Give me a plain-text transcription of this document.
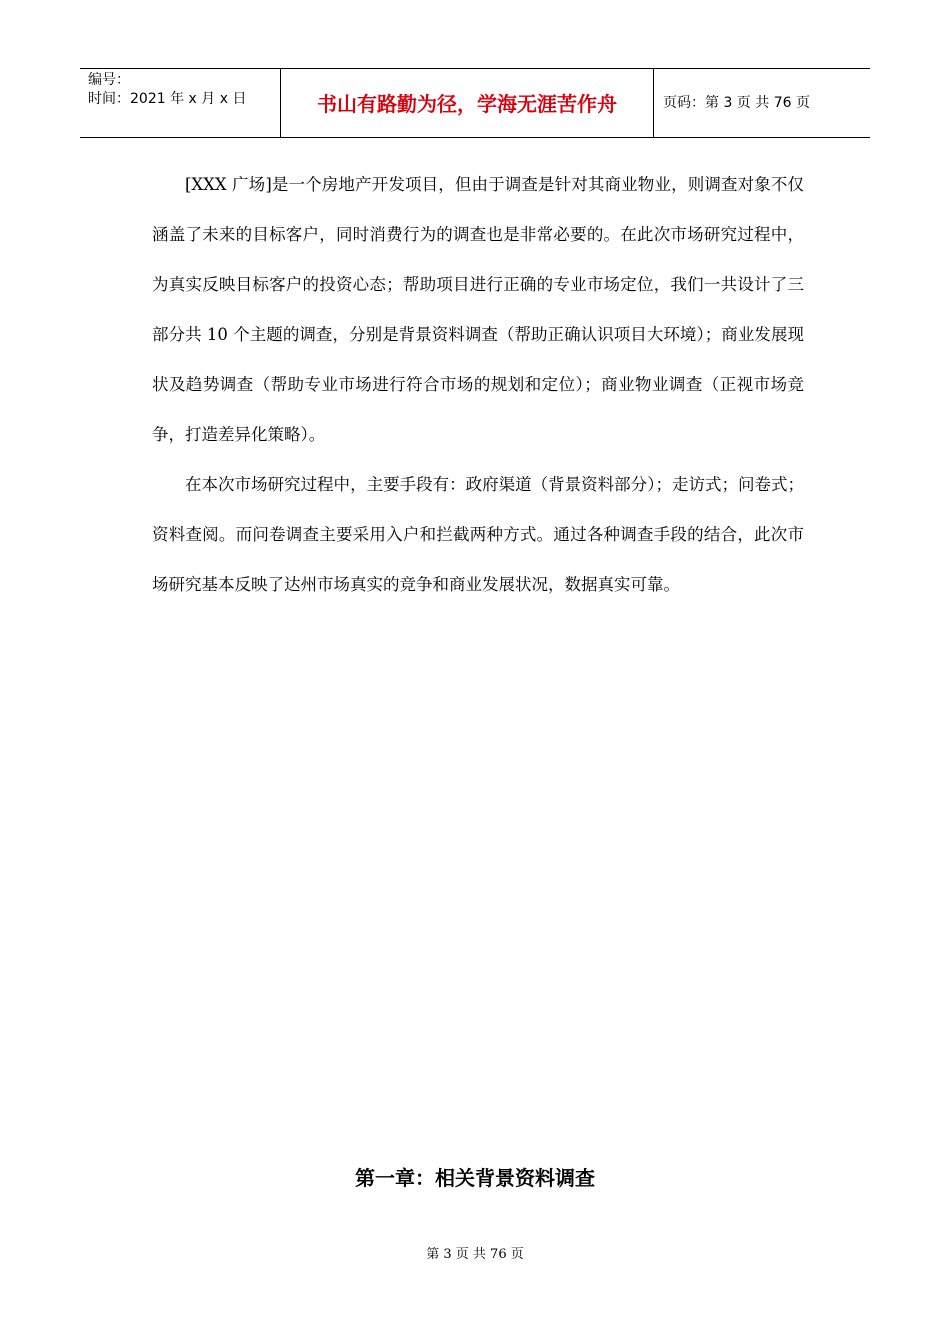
编号：
时间：2021 年 x 月 x 日	书山有路勤为径，学海无涯苦作舟	页码：第 3 页 共 76 页

[XXX 广场]是一个房地产开发项目，但由于调查是针对其商业物业，则调查对象不仅涵盖了未来的目标客户，同时消费行为的调查也是非常必要的。在此次市场研究过程中，为真实反映目标客户的投资心态；帮助项目进行正确的专业市场定位，我们一共设计了三部分共 10 个主题的调查，分别是背景资料调查（帮助正确认识项目大环境）；商业发展现状及趋势调查（帮助专业市场进行符合市场的规划和定位）；商业物业调查（正视市场竞争，打造差异化策略）。

在本次市场研究过程中，主要手段有：政府渠道（背景资料部分）；走访式；问卷式；资料查阅。而问卷调查主要采用入户和拦截两种方式。通过各种调查手段的结合，此次市场研究基本反映了达州市场真实的竞争和商业发展状况，数据真实可靠。

第一章：相关背景资料调查
第 3 页 共 76 页
